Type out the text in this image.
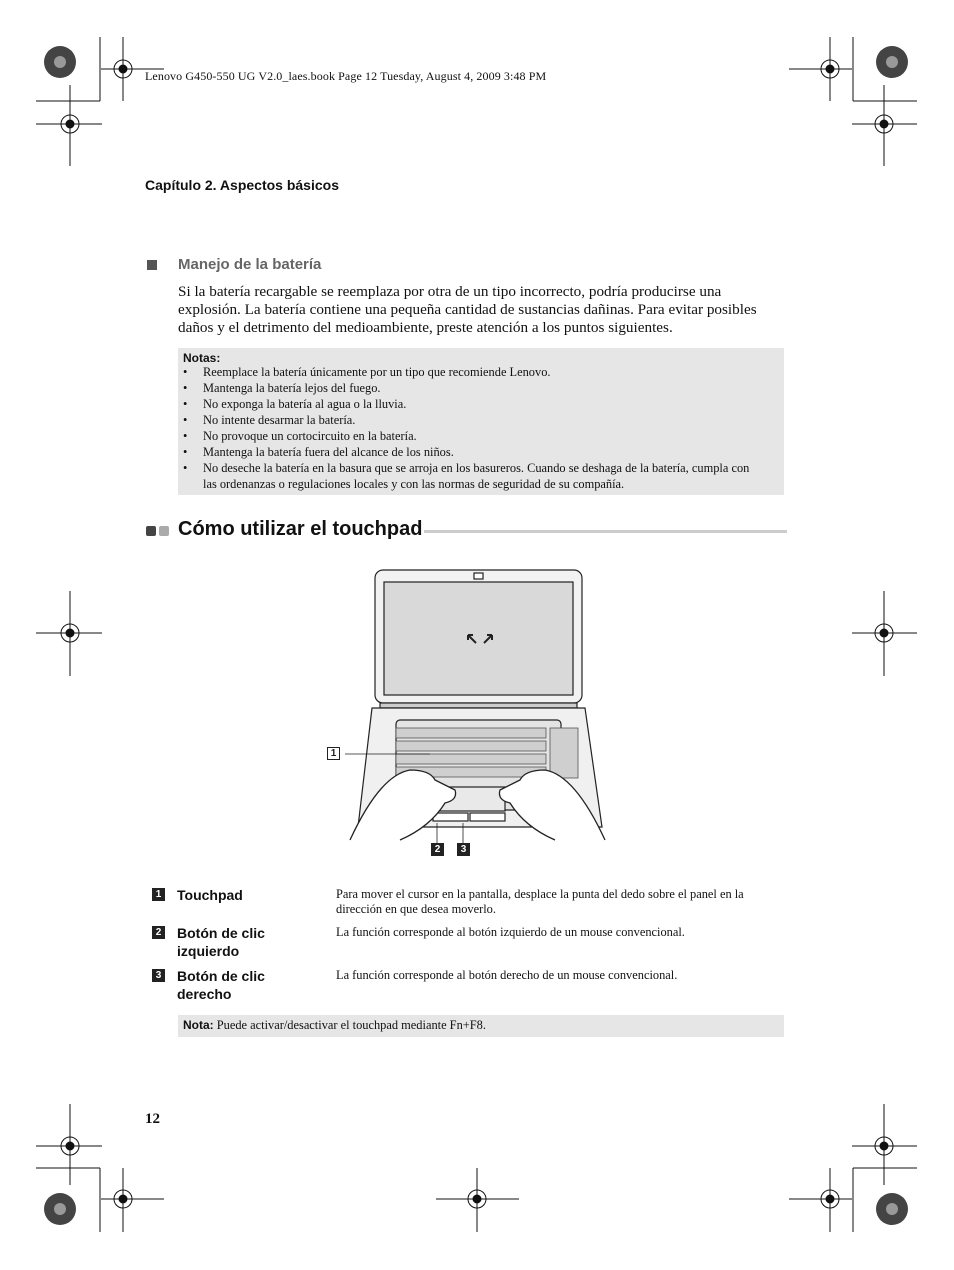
Lenovo G450-550 UG V2.0_laes.book Page 12 Tuesday, August 4, 2009 3:48 PM
Capítulo 2. Aspectos básicos
Manejo de la batería
Si la batería recargable se reemplaza por otra de un tipo incorrecto, podría producirse una explosión. La batería contiene una pequeña cantidad de sustancias dañinas. Para evitar posibles daños y el detrimento del medioambiente, preste atención a los puntos siguientes.
Notas:
• Reemplace la batería únicamente por un tipo que recomiende Lenovo.
• Mantenga la batería lejos del fuego.
• No exponga la batería al agua o la lluvia.
• No intente desarmar la batería.
• No provoque un cortocircuito en la batería.
• Mantenga la batería fuera del alcance de los niños.
• No deseche la batería en la basura que se arroja en los basureros. Cuando se deshaga de la batería, cumpla con las ordenanzas o regulaciones locales y con las normas de seguridad de su compañía.
Cómo utilizar el touchpad
1
2	3
1 Touchpad	Para mover el cursor en la pantalla, desplace la punta del dedo sobre el panel en la dirección en que desea moverlo.
2 Botón de clic izquierdo
La función corresponde al botón izquierdo de un mouse convencional.
3 Botón de clic derecho
La función corresponde al botón derecho de un mouse convencional.
Nota: Puede activar/desactivar el touchpad mediante Fn+F8.
12
